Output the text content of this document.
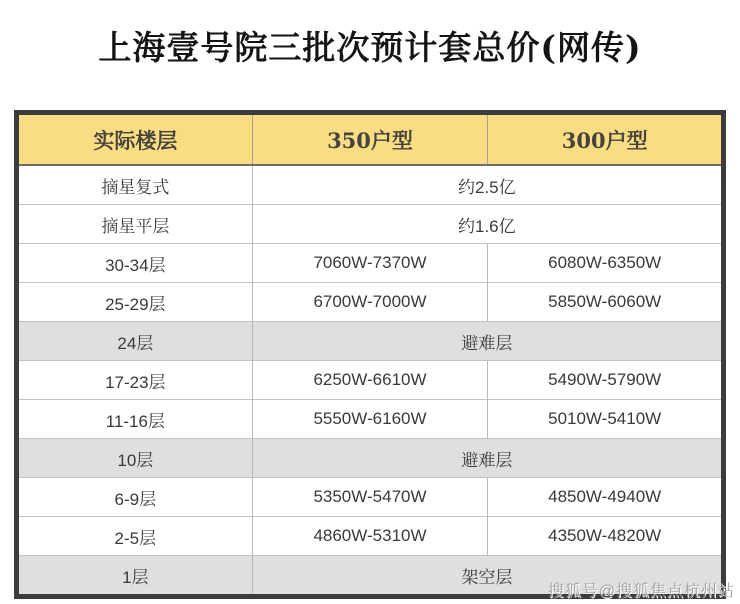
上海壹号院三批次预计套总价(网传)
实际楼层	350户型	300户型
摘星复式	约2.5亿	
摘星平层	约1.6亿	
30-34层	7060W-7370W	6080W-6350W
25-29层	6700W-7000W	5850W-6060W
24层	避难层	
17-23层	6250W-6610W	5490W-5790W
11-16层	5550W-6160W	5010W-5410W
10层	避难层	
6-9层	5350W-5470W	4850W-4940W
2-5层	4860W-5310W	4350W-4820W
1层	架空层	
搜狐号@搜狐焦点杭州站
